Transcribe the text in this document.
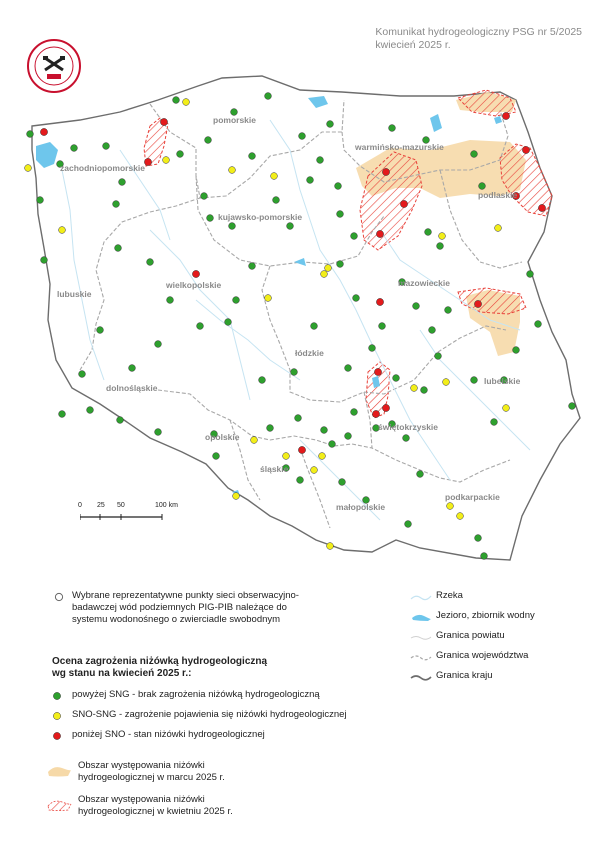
Komunikat hydrogeologiczny PSG nr 5/2025
kwiecień 2025 r.
pomorskie
warmińsko-mazurskie
zachodniopomorskie
podlaskie
kujawsko-pomorskie
wielkopolskie	mazowieckie
lubuskie
łódzkie
lubelskie
dolnośląskie
świętokrzyskie
opolskie
śląskie
podkarpackie
małopolskie
0 25 50	100 km
Wybrane reprezentatywne punkty sieci obserwacyjno-badawczej wód podziemnych PIG-PIB należące do systemu wodonośnego o zwierciadle swobodnym
Rzeka
Jezioro, zbiornik wodny
Granica powiatu
Granica województwa
Granica kraju
Ocena zagrożenia niżówką hydrogeologiczną
wg stanu na kwiecień 2025 r.:
powyżej SNG - brak zagrożenia niżówką hydrogeologiczną
SNO-SNG - zagrożenie pojawienia się niżówki hydrogeologicznej
poniżej SNO - stan niżówki hydrogeologicznej
Obszar występowania niżówki
hydrogeologicznej w marcu 2025 r.
Obszar występowania niżówki
hydrogeologicznej w kwietniu 2025 r.
